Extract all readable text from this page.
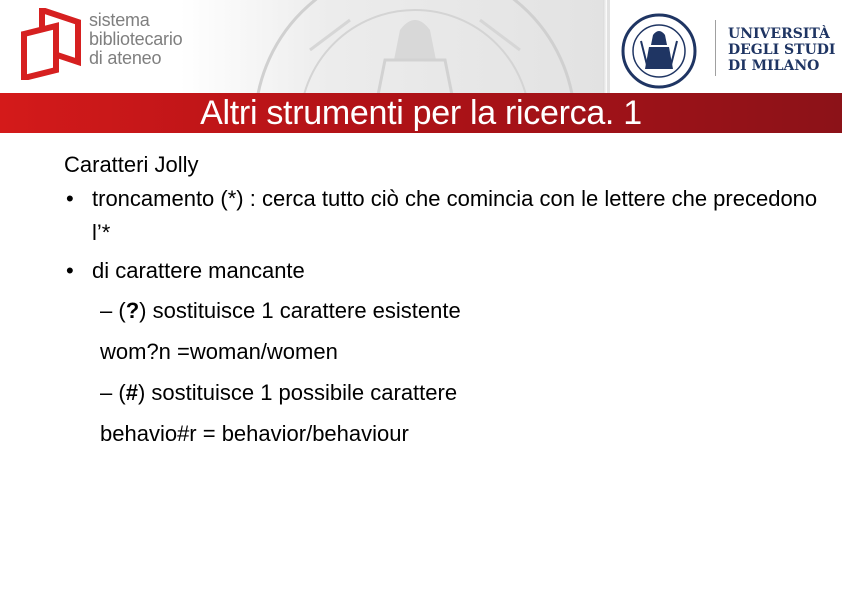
sistema
bibliotecario
di ateneo
UNIVERSITÀ
DEGLI STUDI
DI MILANO
Altri strumenti per la ricerca. 1
Caratteri Jolly
• troncamento (*) : cerca tutto ciò che comincia con le lettere che precedono l’*
• di carattere mancante
– (?) sostituisce 1 carattere esistente
wom?n =woman/women
– (#) sostituisce 1 possibile carattere
behavio#r = behavior/behaviour
